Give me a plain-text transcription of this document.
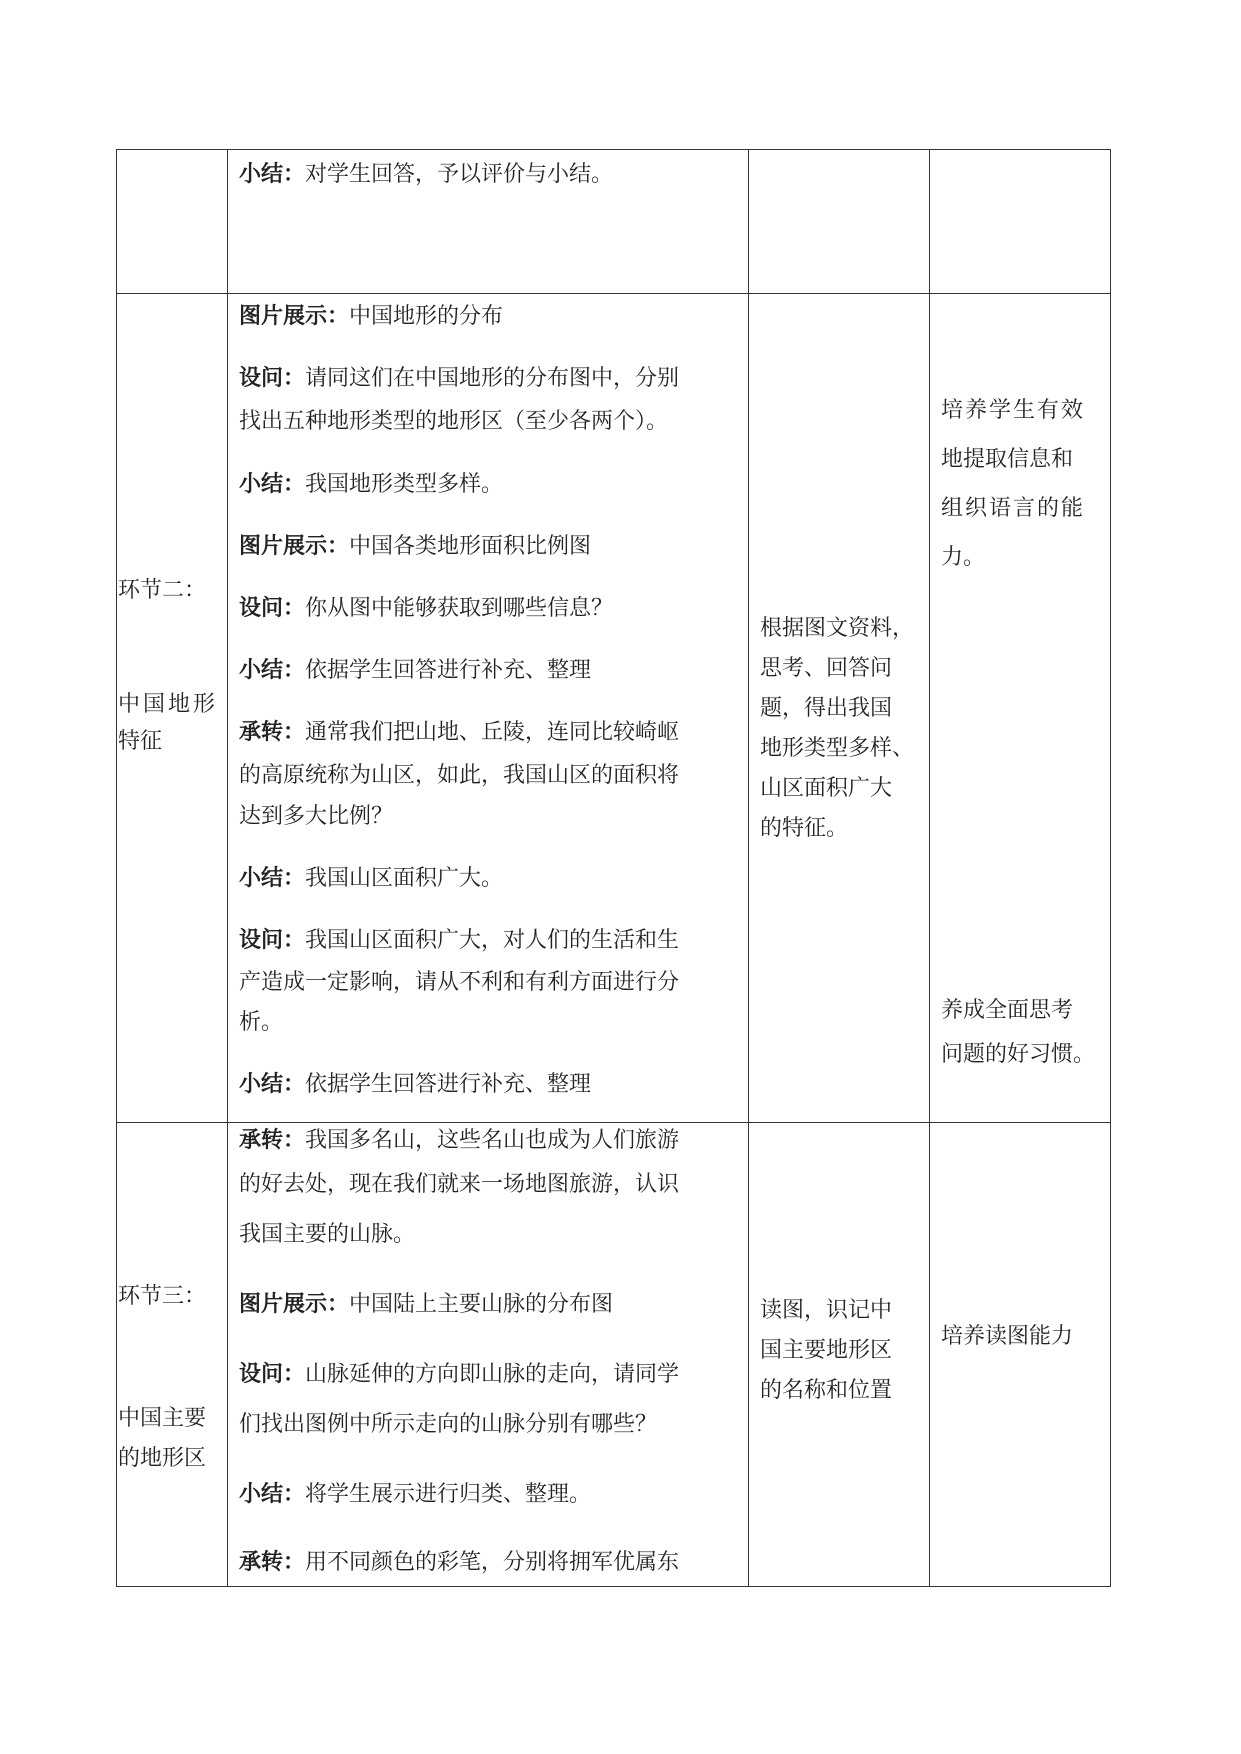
小结：对学生回答，予以评价与小结。
环节二：
中国地形
特征
图片展示：中国地形的分布
设问：请同这们在中国地形的分布图中，分别
找出五种地形类型的地形区（至少各两个）。
小结：我国地形类型多样。
图片展示：中国各类地形面积比例图
设问：你从图中能够获取到哪些信息？
小结：依据学生回答进行补充、整理
承转：通常我们把山地、丘陵，连同比较崎岖
的高原统称为山区，如此，我国山区的面积将
达到多大比例？
小结：我国山区面积广大。
设问：我国山区面积广大，对人们的生活和生
产造成一定影响，请从不利和有利方面进行分
析。
小结：依据学生回答进行补充、整理
根据图文资料，
思考、回答问
题，得出我国
地形类型多样、
山区面积广大
的特征。
培养学生有效
地提取信息和
组织语言的能
力。
养成全面思考
问题的好习惯。
环节三：
中国主要
的地形区
承转：我国多名山，这些名山也成为人们旅游
的好去处，现在我们就来一场地图旅游，认识
我国主要的山脉。
图片展示：中国陆上主要山脉的分布图
设问：山脉延伸的方向即山脉的走向，请同学
们找出图例中所示走向的山脉分别有哪些？
小结：将学生展示进行归类、整理。
承转：用不同颜色的彩笔，分别将拥军优属东
读图，识记中
国主要地形区
的名称和位置
培养读图能力
